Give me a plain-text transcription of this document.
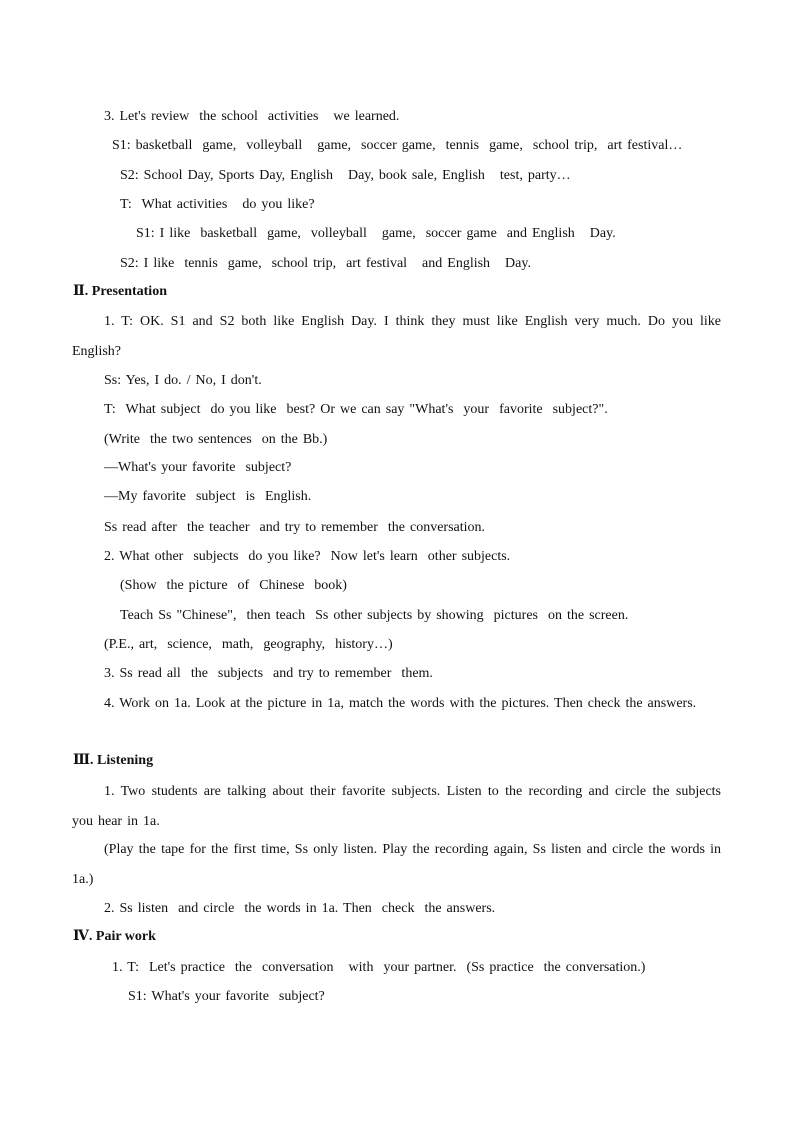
3. Let's review  the school  activities   we learned.
S1: basketball  game,  volleyball   game,  soccer game,  tennis  game,  school trip,  art festival…
S2: School Day, Sports Day, English   Day, book sale, English   test, party…
T:  What activities   do you like?
S1: I like  basketball  game,  volleyball   game,  soccer game  and English   Day.
S2: I like  tennis  game,  school trip,  art festival   and English   Day.
Ⅱ. Presentation
1. T: OK. S1 and S2 both like English Day. I think they must like English very much. Do you like English?
Ss: Yes, I do. / No, I don't.
T:  What subject  do you like  best? Or we can say "What's  your  favorite  subject?".
(Write  the two sentences  on the Bb.)
—What's your favorite  subject?
—My favorite  subject  is  English.
Ss read after  the teacher  and try to remember  the conversation.
2. What other  subjects  do you like?  Now let's learn  other subjects.
(Show  the picture  of  Chinese  book)
Teach Ss "Chinese",  then teach  Ss other subjects by showing  pictures  on the screen.
(P.E., art,  science,  math,  geography,  history…)
3. Ss read all  the  subjects  and try to remember  them.
4. Work on 1a. Look at the picture in 1a, match the words with the pictures. Then check the answers.
Ⅲ. Listening
1. Two students are talking about their favorite subjects. Listen to the recording and circle the subjects you hear in 1a.
(Play the tape for the first time, Ss only listen. Play the recording again, Ss listen and circle the words in 1a.)
2. Ss listen  and circle  the words in 1a. Then  check  the answers.
Ⅳ. Pair work
1. T:  Let's practice  the  conversation   with  your partner.  (Ss practice  the conversation.)
S1: What's your favorite  subject?
